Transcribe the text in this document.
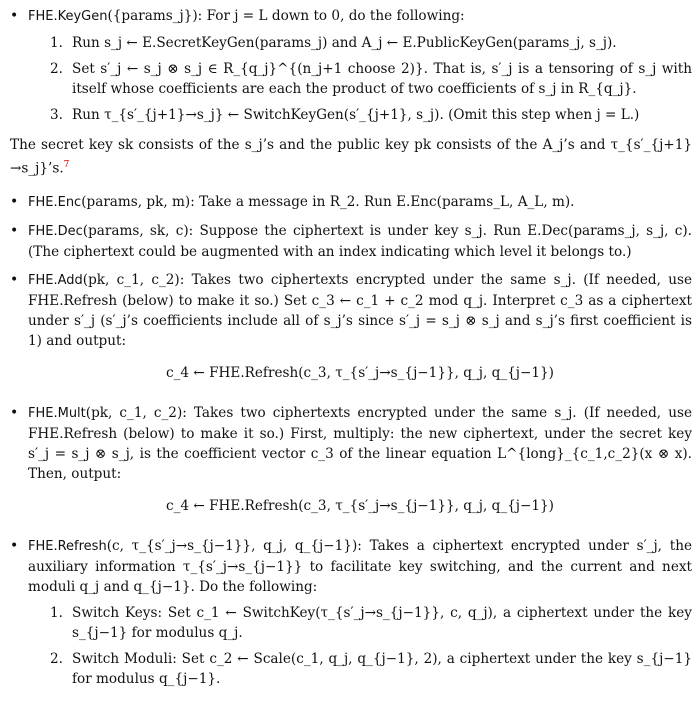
• FHE.KeyGen({params_j}): For j = L down to 0, do the following:
1. Run s_j ← E.SecretKeyGen(params_j) and A_j ← E.PublicKeyGen(params_j, s_j).
2. Set s′_j ← s_j ⊗ s_j ∈ R_{q_j}^{(n_j+1 choose 2)}. That is, s′_j is a tensoring of s_j with itself whose coefficients are each the product of two coefficients of s_j in R_{q_j}.
3. Run τ_{s′_{j+1}→s_j} ← SwitchKeyGen(s′_{j+1}, s_j). (Omit this step when j = L.)

The secret key sk consists of the s_j’s and the public key pk consists of the A_j’s and τ_{s′_{j+1}→s_j}’s.$^7$

• FHE.Enc(params, pk, m): Take a message in R_2. Run E.Enc(params_L, A_L, m).
• FHE.Dec(params, sk, c): Suppose the ciphertext is under key s_j. Run E.Dec(params_j, s_j, c). (The ciphertext could be augmented with an index indicating which level it belongs to.)
• FHE.Add(pk, c_1, c_2): Takes two ciphertexts encrypted under the same s_j. (If needed, use FHE.Refresh (below) to make it so.) Set c_3 ← c_1 + c_2 mod q_j. Interpret c_3 as a ciphertext under s′_j (s′_j’s coefficients include all of s_j’s since s′_j = s_j ⊗ s_j and s_j’s first coefficient is 1) and output:
c_4 ← FHE.Refresh(c_3, τ_{s′_j→s_{j−1}}, q_j, q_{j−1})
• FHE.Mult(pk, c_1, c_2): Takes two ciphertexts encrypted under the same s_j. (If needed, use FHE.Refresh (below) to make it so.) First, multiply: the new ciphertext, under the secret key s′_j = s_j ⊗ s_j, is the coefficient vector c_3 of the linear equation L^{long}_{c_1,c_2}(x ⊗ x). Then, output:
c_4 ← FHE.Refresh(c_3, τ_{s′_j→s_{j−1}}, q_j, q_{j−1})
• FHE.Refresh(c, τ_{s′_j→s_{j−1}}, q_j, q_{j−1}): Takes a ciphertext encrypted under s′_j, the auxiliary information τ_{s′_j→s_{j−1}} to facilitate key switching, and the current and next moduli q_j and q_{j−1}. Do the following:
1. Switch Keys: Set c_1 ← SwitchKey(τ_{s′_j→s_{j−1}}, c, q_j), a ciphertext under the key s_{j−1} for modulus q_j.
2. Switch Moduli: Set c_2 ← Scale(c_1, q_j, q_{j−1}, 2), a ciphertext under the key s_{j−1} for modulus q_{j−1}.
